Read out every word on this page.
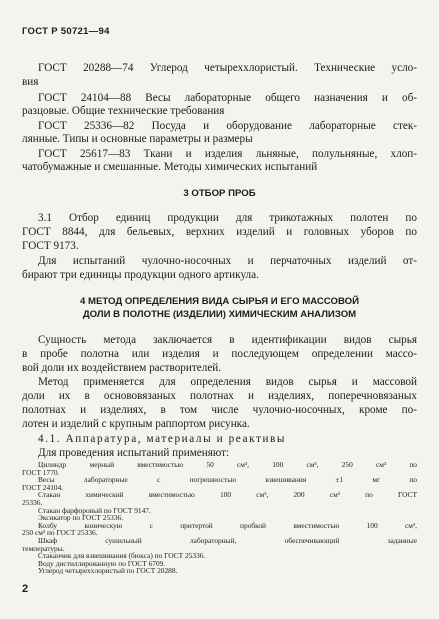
ГОСТ Р 50721—94
ГОСТ 20288—74 Углерод четыреххлористый. Технические усло-
вия
ГОСТ 24104—88 Весы лабораторные общего назначения и об-
разцовые. Общие технические требования
ГОСТ 25336—82 Посуда и оборудование лабораторные стек-
лянные. Типы и основные параметры и размеры
ГОСТ 25617—83 Ткани и изделия льняные, полульняные, хлоп-
чатобумажные и смешанные. Методы химических испытаний
3 ОТБОР ПРОБ
3.1 Отбор единиц продукции для трикотажных полотен по
ГОСТ 8844, для бельевых, верхних изделий и головных уборов по
ГОСТ 9173.
Для испытаний чулочно-носочных и перчаточных изделий от-
бирают три единицы продукции одного артикула.
4 МЕТОД ОПРЕДЕЛЕНИЯ ВИДА СЫРЬЯ И ЕГО МАССОВОЙ
ДОЛИ В ПОЛОТНЕ (ИЗДЕЛИИ) ХИМИЧЕСКИМ АНАЛИЗОМ
Сущность метода заключается в идентификации видов сырья
в пробе полотна или изделия и последующем определении массо-
вой доли их воздействием растворителей.
Метод применяется для определения видов сырья и массовой
доли их в основовязаных полотнах и изделиях, поперечновязаных
полотнах и изделиях, в том числе чулочно-носочных, кроме по-
лотен и изделий с крупным раппортом рисунка.
4.1. Аппаратура, материалы и реактивы
Для проведения испытаний применяют:
2
Цилиндр мерный вместимостью 50 см³, 100 см³, 250 см³ по
ГОСТ 1770.
Весы лабораторные с погрешностью взвешивания ±1 мг по
ГОСТ 24104.
Стакан химический вместимостью 100 см³, 200 см³ по ГОСТ
25336.
Стакан фарфоровый по ГОСТ 9147.
Эксикатор по ГОСТ 25336.
Колбу коническую с притертой пробкой вместимостью 100 см³,
250 см³ по ГОСТ 25336.
Шкаф сушильный лабораторный, обеспечивающий заданные
температуры.
Стаканчик для взвешивания (бюкса) по ГОСТ 25336.
Воду дистиллированную по ГОСТ 6709.
Углерод четыреххлористый по ГОСТ 20288.
